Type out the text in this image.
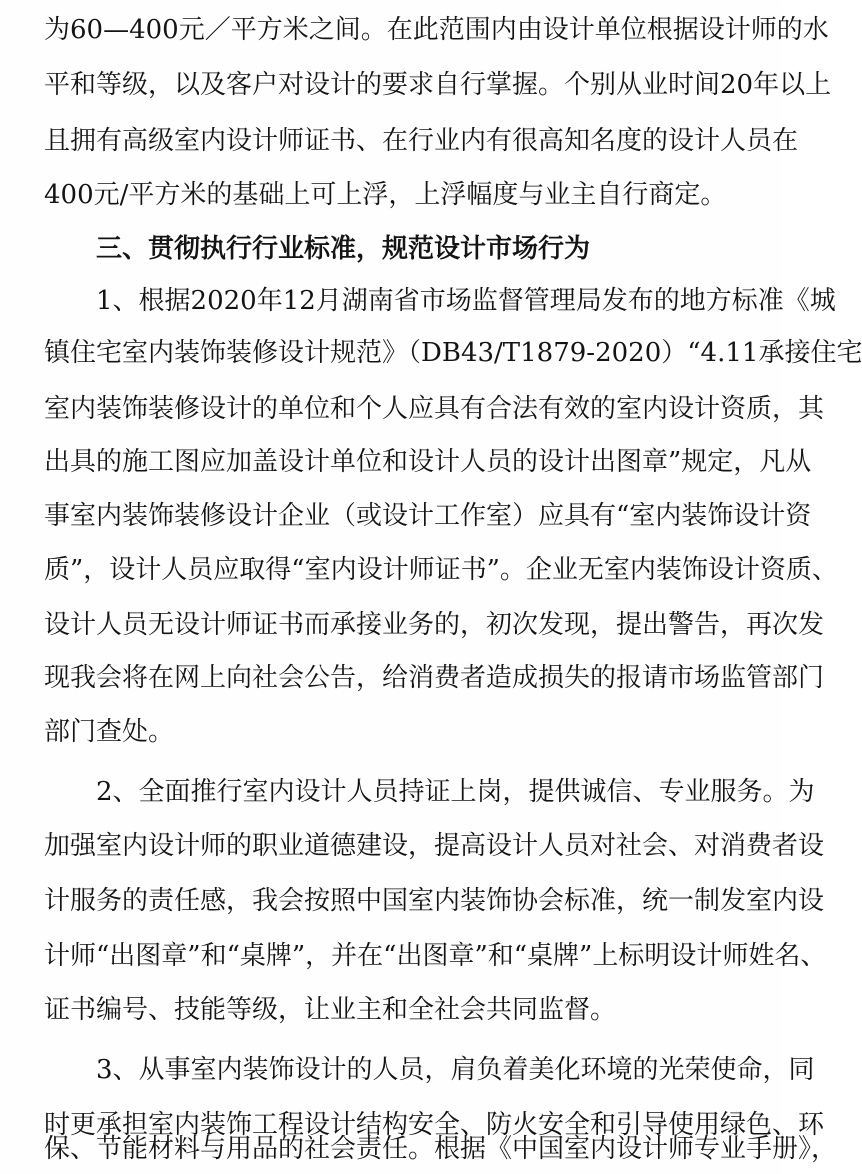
为60—400元／平方米之间。在此范围内由设计单位根据设计师的水
平和等级，以及客户对设计的要求自行掌握。个别从业时间20年以上
且拥有高级室内设计师证书、在行业内有很高知名度的设计人员在
400元/平方米的基础上可上浮，上浮幅度与业主自行商定。
三、贯彻执行行业标准，规范设计市场行为
1、根据2020年12月湖南省市场监督管理局发布的地方标准《城
镇住宅室内装饰装修设计规范》（DB43/T1879-2020）“4.11承接住宅
室内装饰装修设计的单位和个人应具有合法有效的室内设计资质，其
出具的施工图应加盖设计单位和设计人员的设计出图章”规定，凡从
事室内装饰装修设计企业（或设计工作室）应具有“室内装饰设计资
质”，设计人员应取得“室内设计师证书”。企业无室内装饰设计资质、
设计人员无设计师证书而承接业务的，初次发现，提出警告，再次发
现我会将在网上向社会公告，给消费者造成损失的报请市场监管部门
部门查处。
2、全面推行室内设计人员持证上岗，提供诚信、专业服务。为
加强室内设计师的职业道德建设，提高设计人员对社会、对消费者设
计服务的责任感，我会按照中国室内装饰协会标准，统一制发室内设
计师“出图章”和“桌牌”，并在“出图章”和“桌牌”上标明设计师姓名、
证书编号、技能等级，让业主和全社会共同监督。
3、从事室内装饰设计的人员，肩负着美化环境的光荣使命，同
时更承担室内装饰工程设计结构安全、防火安全和引导使用绿色、环
保、节能材料与用品的社会责任。根据《中国室内设计师专业手册》，
